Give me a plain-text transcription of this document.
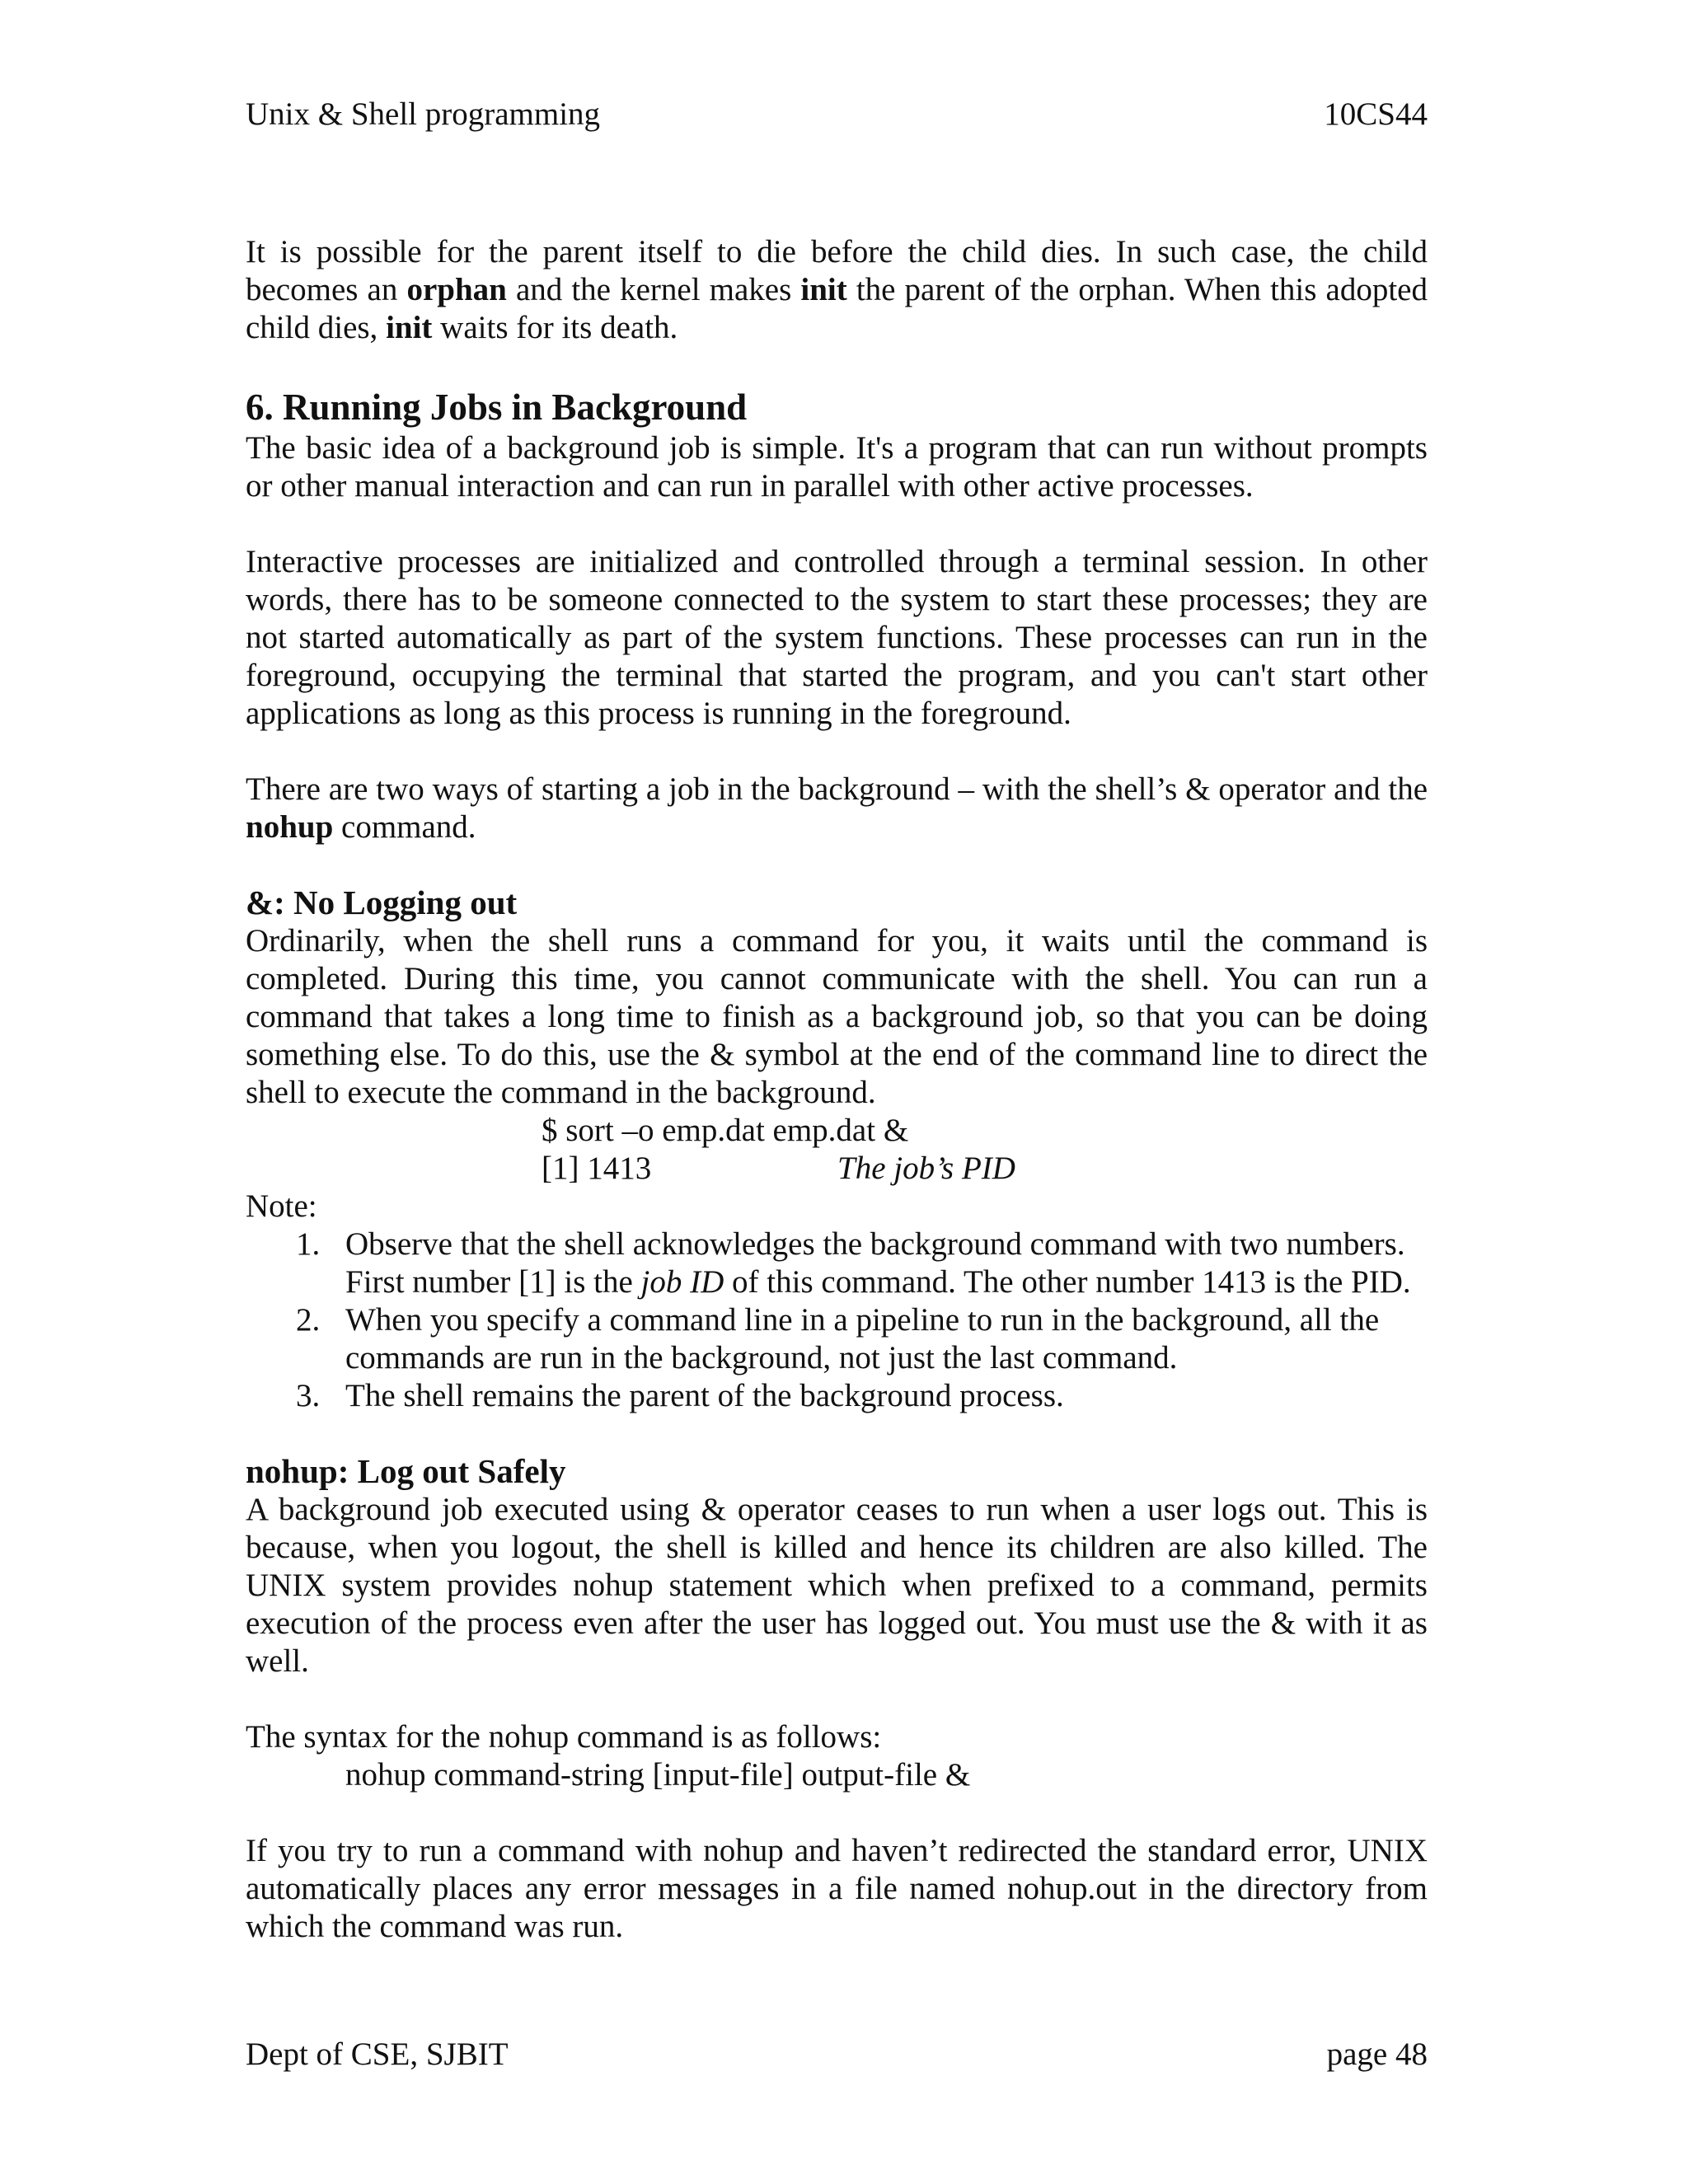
Unix & Shell programming	10CS44

It is possible for the parent itself to die before the child dies. In such case, the child becomes an orphan and the kernel makes init the parent of the orphan. When this adopted child dies, init waits for its death.

6. Running Jobs in Background

The basic idea of a background job is simple. It's a program that can run without prompts or other manual interaction and can run in parallel with other active processes.

Interactive processes are initialized and controlled through a terminal session. In other words, there has to be someone connected to the system to start these processes; they are not started automatically as part of the system functions. These processes can run in the foreground, occupying the terminal that started the program, and you can't start other applications as long as this process is running in the foreground.

There are two ways of starting a job in the background – with the shell’s & operator and the nohup command.

&: No Logging out

Ordinarily, when the shell runs a command for you, it waits until the command is completed. During this time, you cannot communicate with the shell. You can run a command that takes a long time to finish as a background job, so that you can be doing something else. To do this, use the & symbol at the end of the command line to direct the shell to execute the command in the background.

$ sort –o emp.dat emp.dat &
[1] 1413	The job’s PID

Note:

1. Observe that the shell acknowledges the background command with two numbers. First number [1] is the job ID of this command. The other number 1413 is the PID.
2. When you specify a command line in a pipeline to run in the background, all the commands are run in the background, not just the last command.
3. The shell remains the parent of the background process.
nohup: Log out Safely

A background job executed using & operator ceases to run when a user logs out. This is because, when you logout, the shell is killed and hence its children are also killed. The UNIX system provides nohup statement which when prefixed to a command, permits execution of the process even after the user has logged out. You must use the & with it as well.

The syntax for the nohup command is as follows:

nohup command-string [input-file] output-file &

If you try to run a command with nohup and haven’t redirected the standard error, UNIX automatically places any error messages in a file named nohup.out in the directory from which the command was run.

Dept of CSE, SJBIT	page 48
